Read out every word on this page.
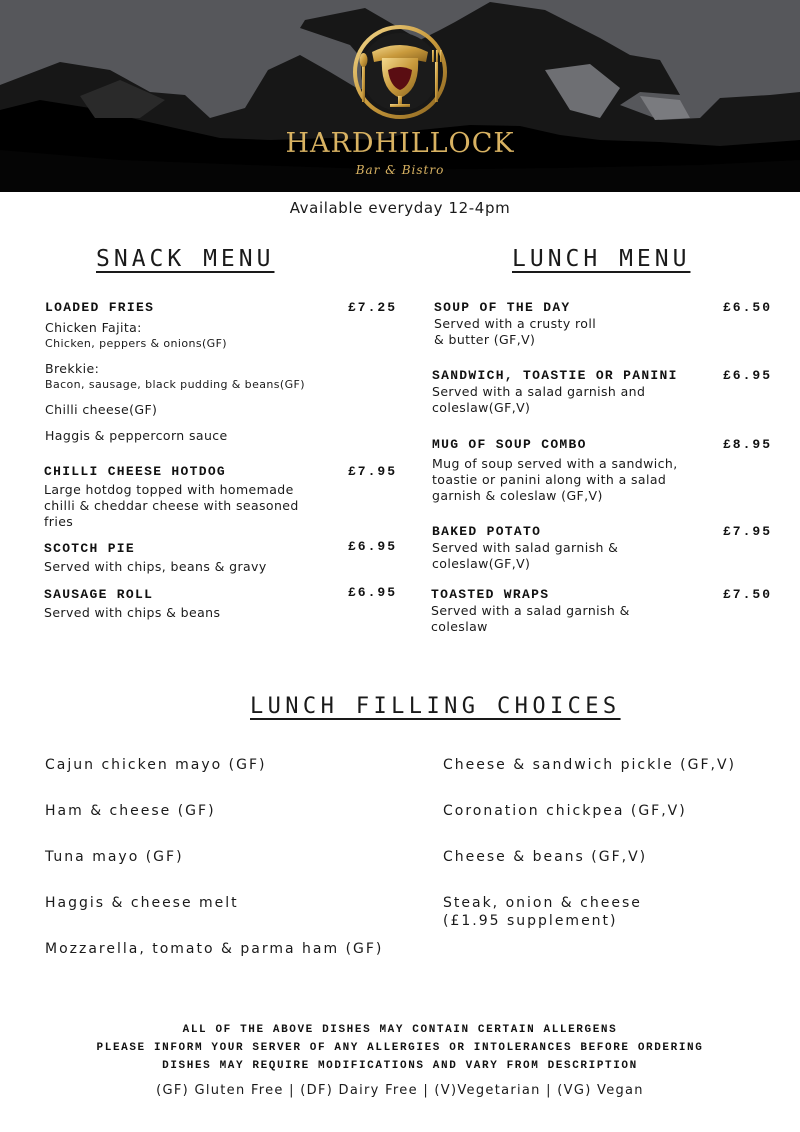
HARDHILLOCK
Bar & Bistro
Available everyday 12-4pm
SNACK MENU
LOADED FRIES	£7.25
Chicken Fajita:
Chicken, peppers & onions(GF)
Brekkie:
Bacon, sausage, black pudding & beans(GF)
Chilli cheese(GF)
Haggis & peppercorn sauce
CHILLI CHEESE HOTDOG	£7.95
Large hotdog topped with homemade chilli & cheddar cheese with seasoned fries
SCOTCH PIE	£6.95
Served with chips, beans & gravy
SAUSAGE ROLL	£6.95
Served with chips & beans
LUNCH MENU
SOUP OF THE DAY	£6.50
Served with a crusty roll
& butter (GF,V)
SANDWICH, TOASTIE OR PANINI	£6.95
Served with a salad garnish and
coleslaw(GF,V)
MUG OF SOUP COMBO	£8.95
Mug of soup served with a sandwich,
toastie or panini along with a salad
garnish & coleslaw (GF,V)
BAKED POTATO	£7.95
Served with salad garnish &
coleslaw(GF,V)
TOASTED WRAPS	£7.50
Served with a salad garnish &
coleslaw
LUNCH FILLING CHOICES
Cajun chicken mayo (GF)
Ham & cheese (GF)
Tuna mayo (GF)
Haggis & cheese melt
Mozzarella, tomato & parma ham (GF)
Cheese & sandwich pickle (GF,V)
Coronation chickpea (GF,V)
Cheese & beans (GF,V)
Steak, onion & cheese
(£1.95 supplement)
ALL OF THE ABOVE DISHES MAY CONTAIN CERTAIN ALLERGENS
PLEASE INFORM YOUR SERVER OF ANY ALLERGIES OR INTOLERANCES BEFORE ORDERING
DISHES MAY REQUIRE MODIFICATIONS AND VARY FROM DESCRIPTION
(GF) Gluten Free | (DF) Dairy Free | (V)Vegetarian | (VG) Vegan
